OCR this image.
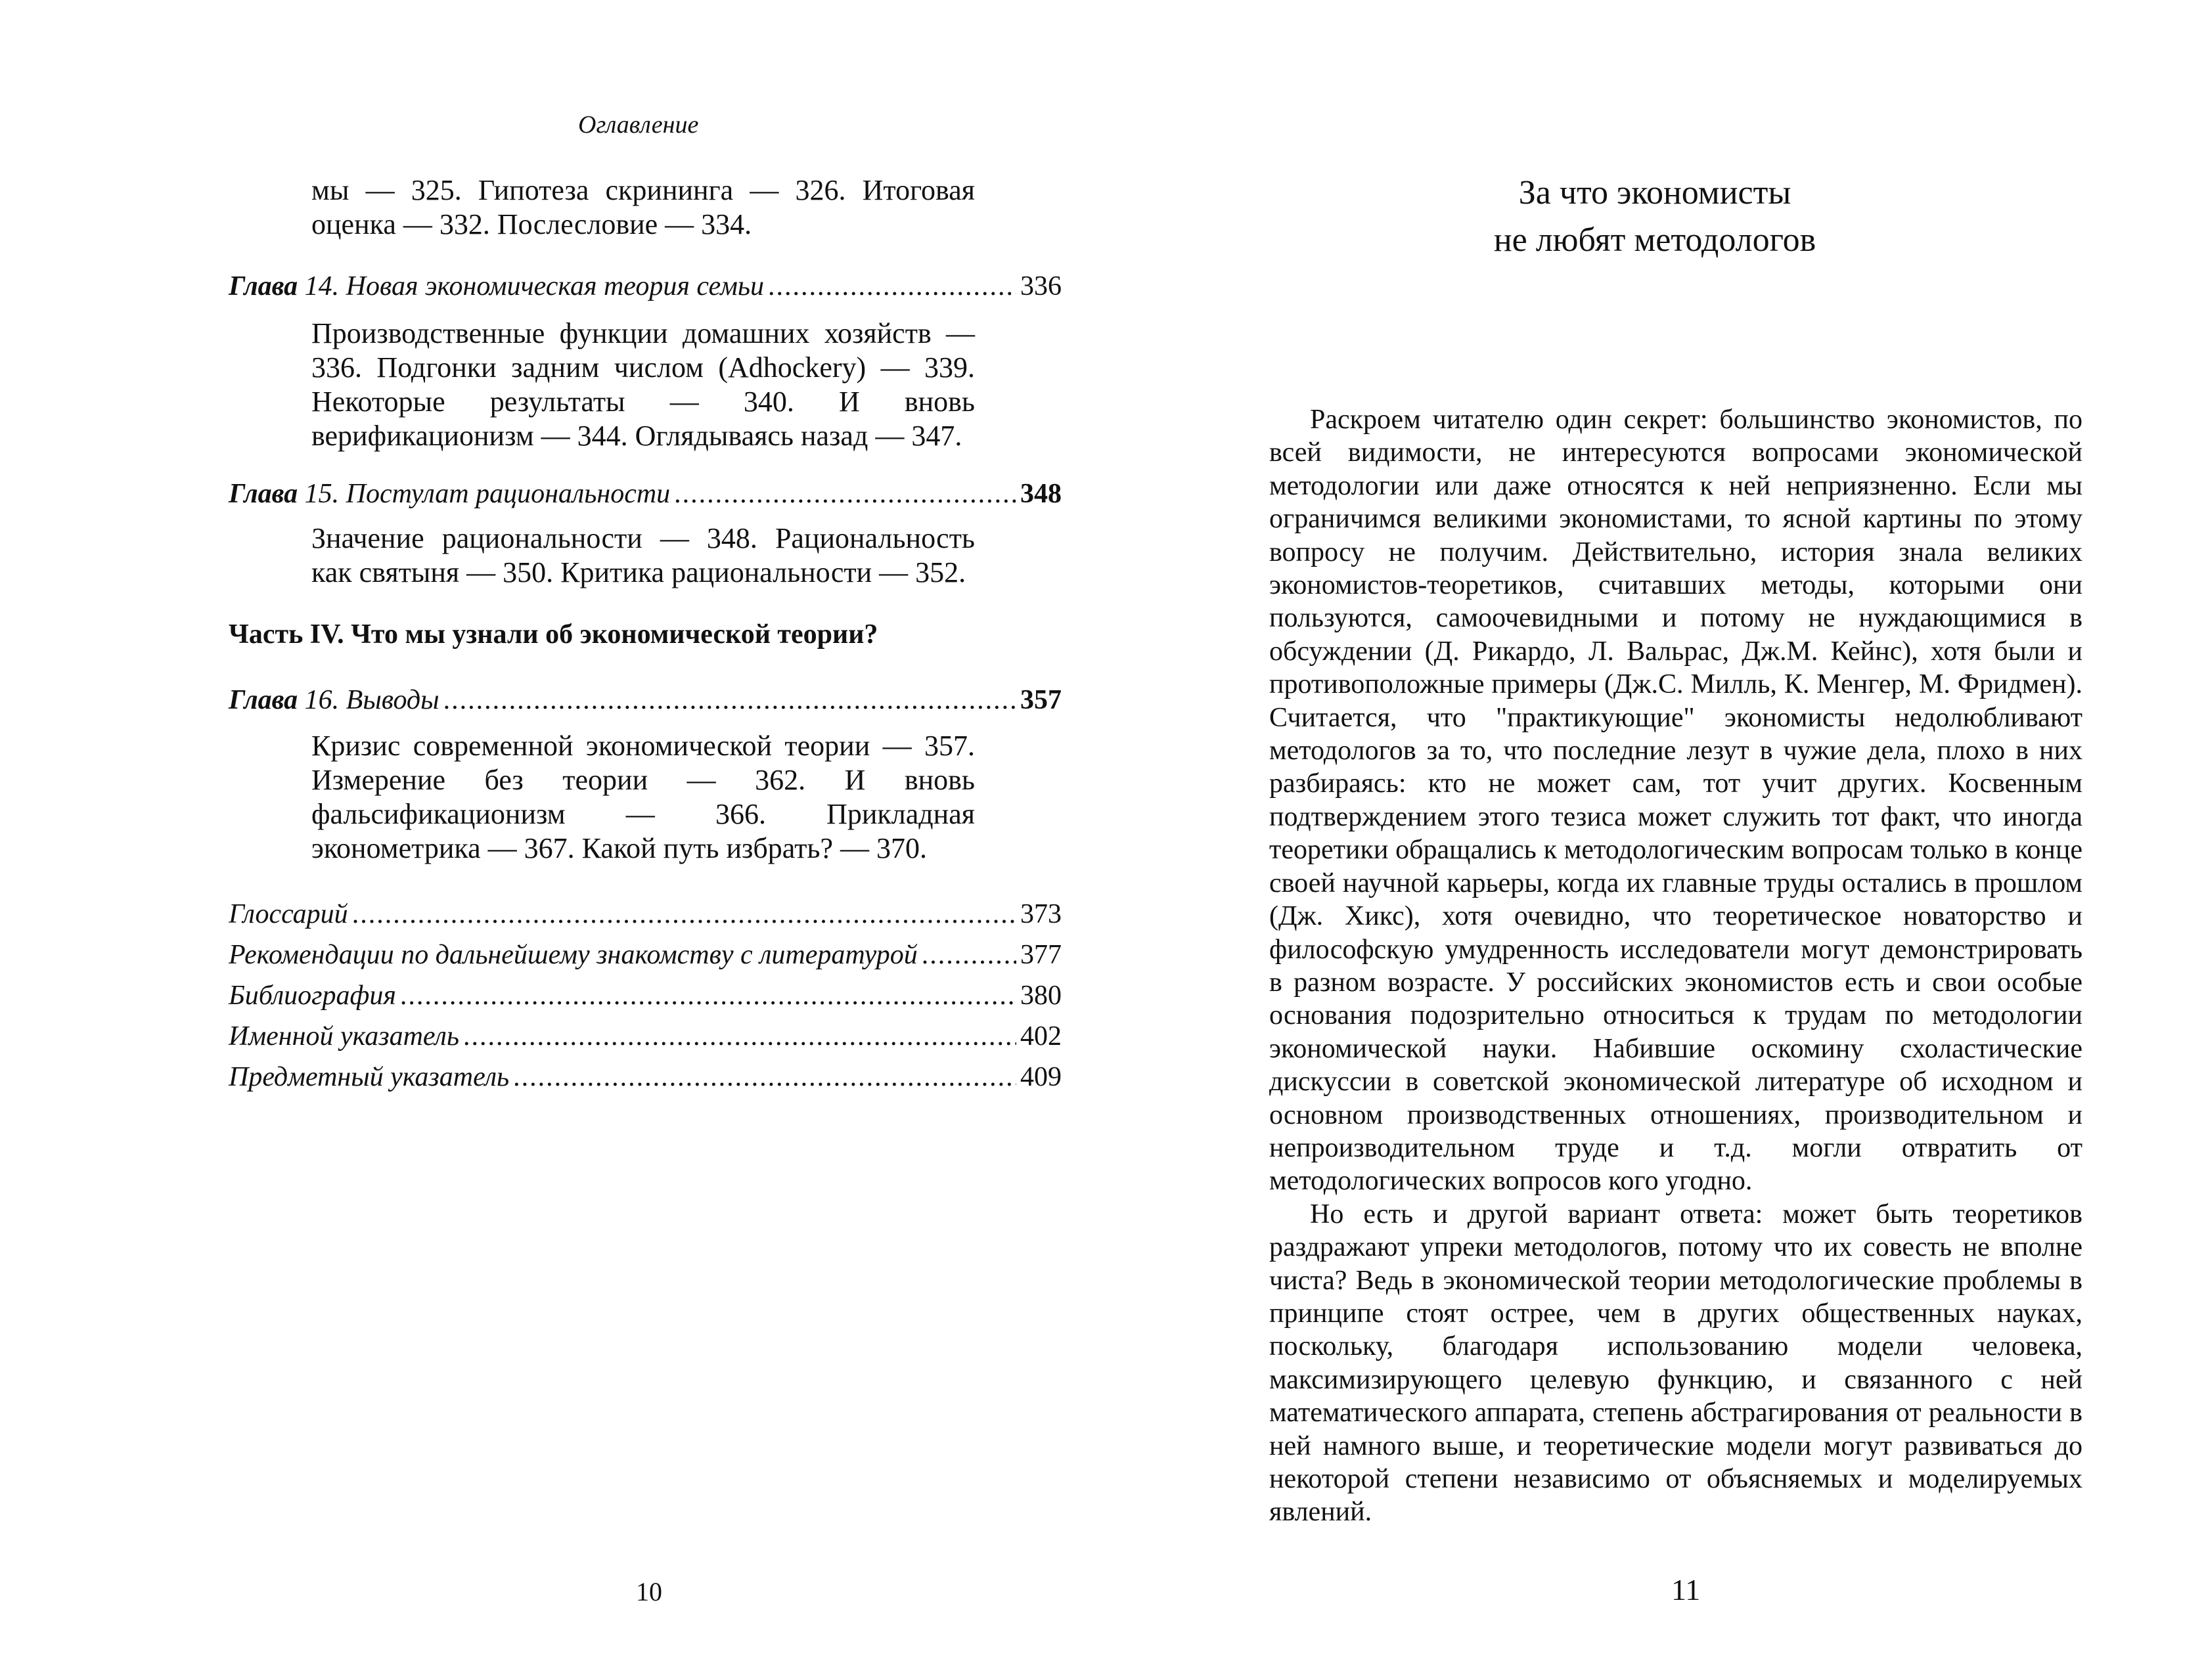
Оглавление
мы — 325. Гипотеза скрининга — 326. Итоговая оценка — 332. Послесловие — 334.
Глава 14. Новая экономическая теория семьи .....	336
Производственные функции домашних хозяйств — 336. Подгонки задним числом (Adhockery) — 339. Некоторые результаты — 340. И вновь верификационизм — 344. Оглядываясь назад — 347.
Глава 15. Постулат рациональности .....	348
Значение рациональности — 348. Рациональность как святыня — 350. Критика рациональности — 352.
Часть IV. Что мы узнали об экономической теории?
Глава 16. Выводы .....	357
Кризис современной экономической теории — 357. Измерение без теории — 362. И вновь фальсификационизм — 366. Прикладная эконометрика — 367. Какой путь избрать? — 370.
Глоссарий .....	373
Рекомендации по дальнейшему знакомству с литературой .....	377
Библиография .....	380
Именной указатель .....	402
Предметный указатель .....	409
10
За что экономисты
не любят методологов

Раскроем читателю один секрет: большинство экономистов, по всей видимости, не интересуются вопросами экономической методологии или даже относятся к ней неприязненно. Если мы ограничимся великими экономистами, то ясной картины по этому вопросу не получим. Действительно, история знала великих экономистов-теоретиков, считавших методы, которыми они пользуются, самоочевидными и потому не нуждающимися в обсуждении (Д. Рикардо, Л. Вальрас, Дж.М. Кейнс), хотя были и противоположные примеры (Дж.С. Милль, К. Менгер, М. Фридмен). Считается, что "практикующие" экономисты недолюбливают методологов за то, что последние лезут в чужие дела, плохо в них разбираясь: кто не может сам, тот учит других. Косвенным подтверждением этого тезиса может служить тот факт, что иногда теоретики обращались к методологическим вопросам только в конце своей научной карьеры, когда их главные труды остались в прошлом (Дж. Хикс), хотя очевидно, что теоретическое новаторство и философскую умудренность исследователи могут демонстрировать в разном возрасте. У российских экономистов есть и свои особые основания подозрительно относиться к трудам по методологии экономической науки. Набившие оскомину схоластические дискуссии в советской экономической литературе об исходном и основном производственных отношениях, производительном и непроизводительном труде и т.д. могли отвратить от методологических вопросов кого угодно.

Но есть и другой вариант ответа: может быть теоретиков раздражают упреки методологов, потому что их совесть не вполне чиста? Ведь в экономической теории методологические проблемы в принципе стоят острее, чем в других общественных науках, поскольку, благодаря использованию модели человека, максимизирующего целевую функцию, и связанного с ней математического аппарата, степень абстрагирования от реальности в ней намного выше, и теоретические модели могут развиваться до некоторой степени независимо от объясняемых и моделируемых явлений.

11
